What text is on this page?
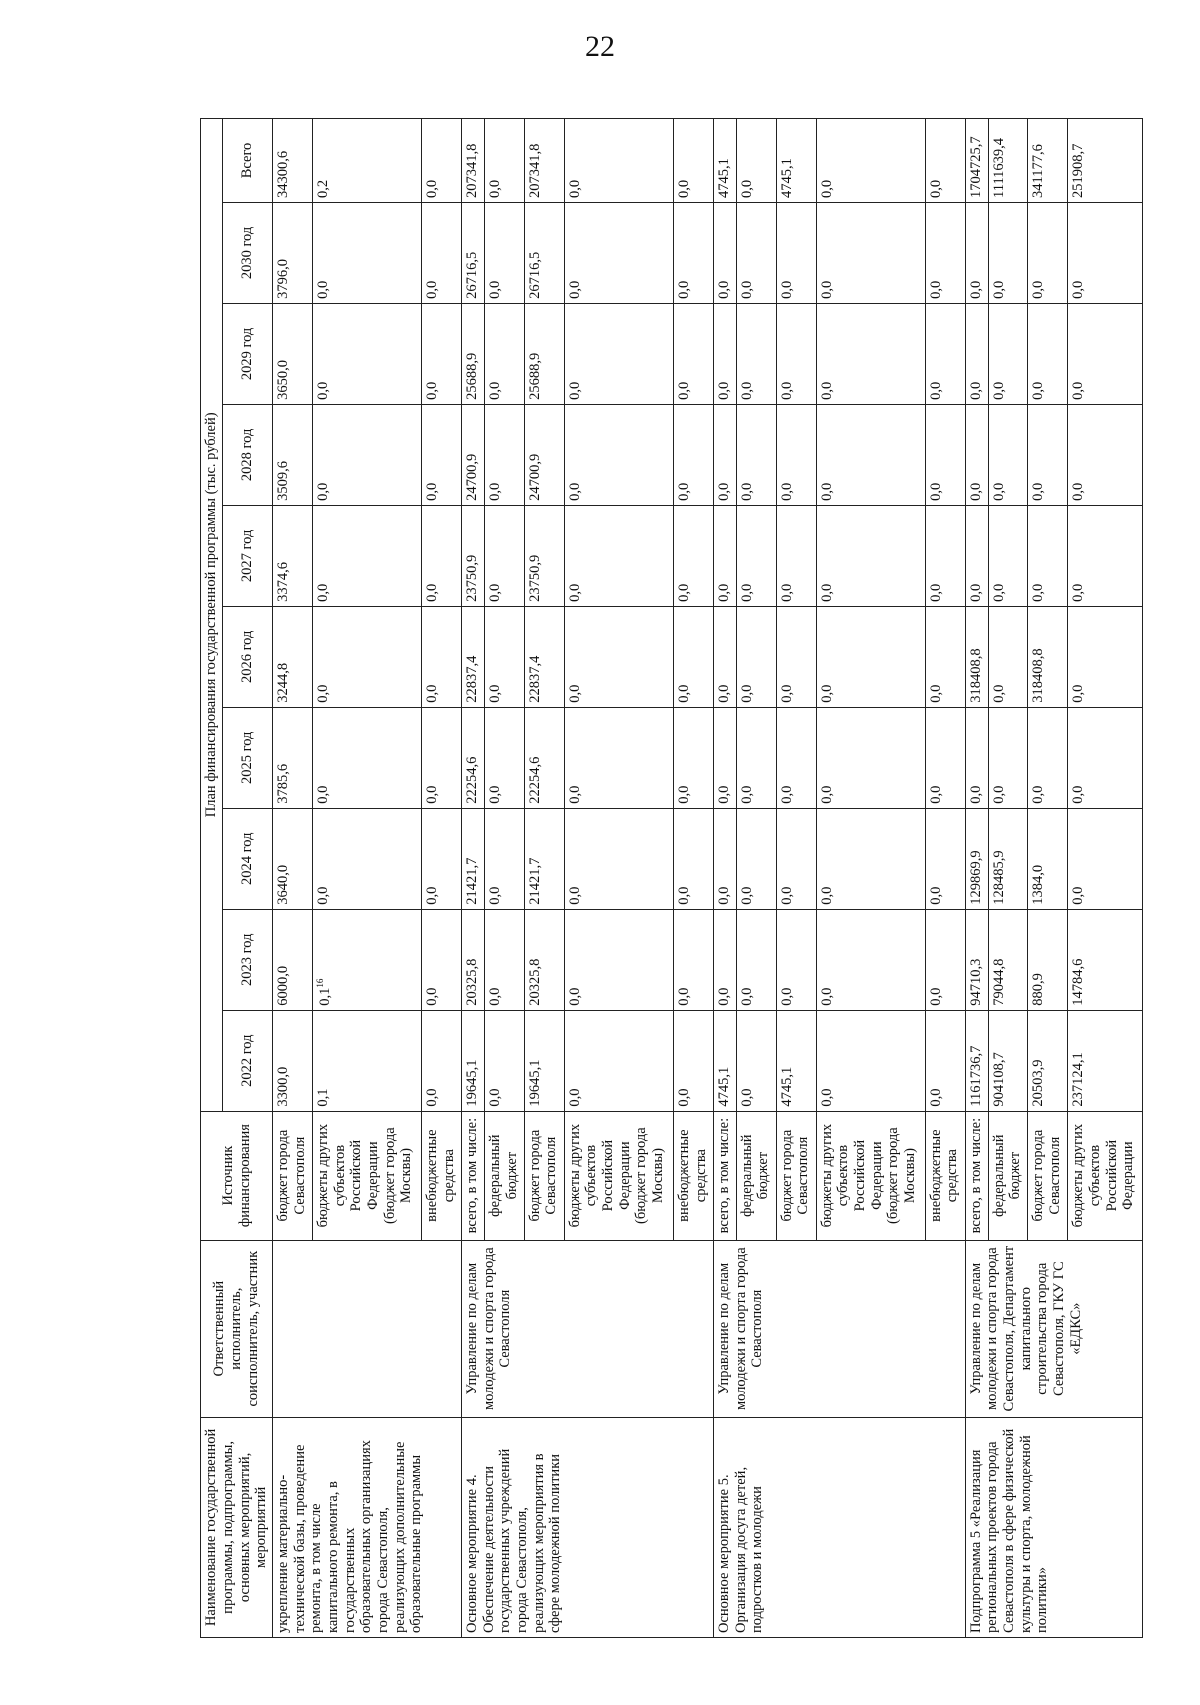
22
Наименование государственной программы, подпрограммы, основных мероприятий, мероприятий	Ответственный исполнитель, соисполнитель, участник	Источник финансирования	План финансирования государственной программы (тыс. рублей)									
			2022 год	2023 год	2024 год	2025 год	2026 год	2027 год	2028 год	2029 год	2030 год	Всего
укрепление материально-технической базы, проведение ремонта, в том числе капитального ремонта, в государственных образовательных организациях города Севастополя, реализующих дополнительные образовательные программы		бюджет города Севастополя	3300,0	6000,0	3640,0	3785,6	3244,8	3374,6	3509,6	3650,0	3796,0	34300,6
		бюджеты других субъектов Российской Федерации (бюджет города Москвы)	0,1	$0,1^{16}$	0,0	0,0	0,0	0,0	0,0	0,0	0,0	0,2
		внебюджетные средства	0,0	0,0	0,0	0,0	0,0	0,0	0,0	0,0	0,0	0,0
Основное мероприятие 4. Обеспечение деятельности государственных учреждений города Севастополя, реализующих мероприятия в сфере молодежной политики	Управление по делам молодежи и спорта города Севастополя	всего, в том числе:	19645,1	20325,8	21421,7	22254,6	22837,4	23750,9	24700,9	25688,9	26716,5	207341,8
		федеральный бюджет	0,0	0,0	0,0	0,0	0,0	0,0	0,0	0,0	0,0	0,0
		бюджет города Севастополя	19645,1	20325,8	21421,7	22254,6	22837,4	23750,9	24700,9	25688,9	26716,5	207341,8
		бюджеты других субъектов Российской Федерации (бюджет города Москвы)	0,0	0,0	0,0	0,0	0,0	0,0	0,0	0,0	0,0	0,0
		внебюджетные средства	0,0	0,0	0,0	0,0	0,0	0,0	0,0	0,0	0,0	0,0
Основное мероприятие 5. Организация досуга детей, подростков и молодежи	Управление по делам молодежи и спорта города Севастополя	всего, в том числе:	4745,1	0,0	0,0	0,0	0,0	0,0	0,0	0,0	0,0	4745,1
		федеральный бюджет	0,0	0,0	0,0	0,0	0,0	0,0	0,0	0,0	0,0	0,0
		бюджет города Севастополя	4745,1	0,0	0,0	0,0	0,0	0,0	0,0	0,0	0,0	4745,1
		бюджеты других субъектов Российской Федерации (бюджет города Москвы)	0,0	0,0	0,0	0,0	0,0	0,0	0,0	0,0	0,0	0,0
		внебюджетные средства	0,0	0,0	0,0	0,0	0,0	0,0	0,0	0,0	0,0	0,0
Подпрограмма 5 «Реализация региональных проектов города Севастополя в сфере физической культуры и спорта, молодежной политики»	Управление по делам молодежи и спорта города Севастополя, Департамент капитального строительства города Севастополя, ГКУ ГС «ЕДКС»	всего, в том числе:	1161736,7	94710,3	129869,9	0,0	318408,8	0,0	0,0	0,0	0,0	1704725,7
		федеральный бюджет	904108,7	79044,8	128485,9	0,0	0,0	0,0	0,0	0,0	0,0	1111639,4
		бюджет города Севастополя	20503,9	880,9	1384,0	0,0	318408,8	0,0	0,0	0,0	0,0	341177,6
		бюджеты других субъектов Российской Федерации	237124,1	14784,6	0,0	0,0	0,0	0,0	0,0	0,0	0,0	251908,7
